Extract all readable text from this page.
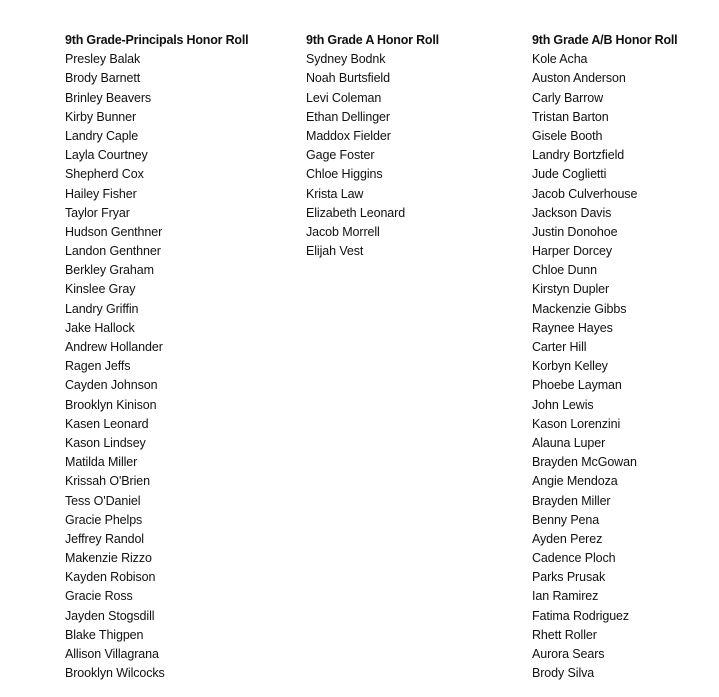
9th Grade-Principals Honor Roll
Presley Balak
Brody Barnett
Brinley Beavers
Kirby Bunner
Landry Caple
Layla Courtney
Shepherd Cox
Hailey Fisher
Taylor Fryar
Hudson Genthner
Landon Genthner
Berkley Graham
Kinslee Gray
Landry Griffin
Jake Hallock
Andrew Hollander
Ragen Jeffs
Cayden Johnson
Brooklyn Kinison
Kasen Leonard
Kason Lindsey
Matilda Miller
Krissah O'Brien
Tess O'Daniel
Gracie Phelps
Jeffrey Randol
Makenzie Rizzo
Kayden Robison
Gracie Ross
Jayden Stogsdill
Blake Thigpen
Allison Villagrana
Brooklyn Wilcocks
9th Grade A Honor Roll
Sydney Bodnk
Noah Burtsfield
Levi Coleman
Ethan Dellinger
Maddox Fielder
Gage Foster
Chloe Higgins
Krista Law
Elizabeth Leonard
Jacob Morrell
Elijah Vest
9th Grade A/B Honor Roll
Kole Acha
Auston Anderson
Carly Barrow
Tristan Barton
Gisele Booth
Landry Bortzfield
Jude Coglietti
Jacob Culverhouse
Jackson Davis
Justin Donohoe
Harper Dorcey
Chloe Dunn
Kirstyn Dupler
Mackenzie Gibbs
Raynee Hayes
Carter Hill
Korbyn Kelley
Phoebe Layman
John Lewis
Kason Lorenzini
Alauna Luper
Brayden McGowan
Angie Mendoza
Brayden Miller
Benny Pena
Ayden Perez
Cadence Ploch
Parks Prusak
Ian Ramirez
Fatima Rodriguez
Rhett Roller
Aurora Sears
Brody Silva
